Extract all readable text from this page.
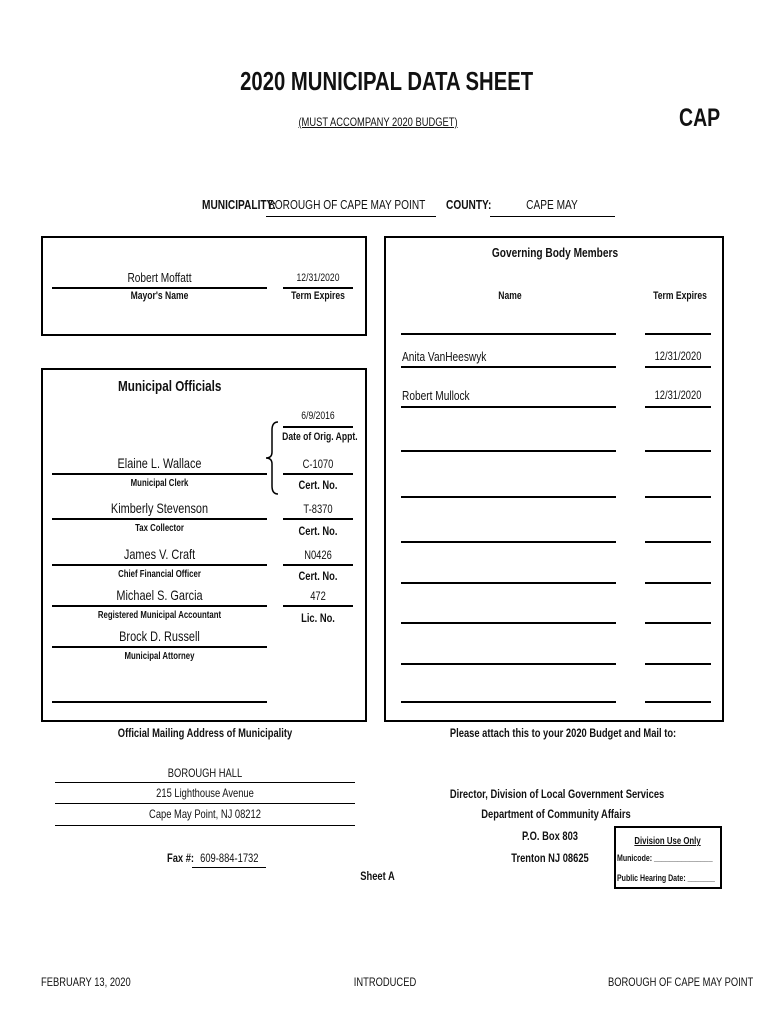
2020 MUNICIPAL DATA SHEET
(MUST ACCOMPANY 2020 BUDGET)	CAP
MUNICIPALITY:
BOROUGH OF CAPE MAY POINT COUNTY:	CAPE MAY
Robert Moffatt
Mayor's Name
12/31/2020
Term Expires
Governing Body Members
Name	Term Expires
Anita VanHeeswyk	12/31/2020
Robert Mullock	12/31/2020
Municipal Officials
6/9/2016
Date of Orig. Appt.
Elaine L. Wallace
Municipal Clerk
C-1070
Cert. No.
Kimberly Stevenson
Tax Collector
T-8370
Cert. No.
James V. Craft
Chief Financial Officer
N0426
Cert. No.
Michael S. Garcia
Registered Municipal Accountant
472
Lic. No.
Brock D. Russell
Municipal Attorney
Official Mailing Address of Municipality
BOROUGH HALL
215 Lighthouse Avenue
Cape May Point, NJ 08212
Fax #: 609-884-1732
Please attach this to your 2020 Budget and Mail to:
Director, Division of Local Government Services
Department of Community Affairs
P.O. Box 803
Trenton NJ 08625
Division Use Only
Municode: _______________
Public Hearing Date: _______
Sheet A
FEBRUARY 13, 2020	INTRODUCED	BOROUGH OF CAPE MAY POINT
